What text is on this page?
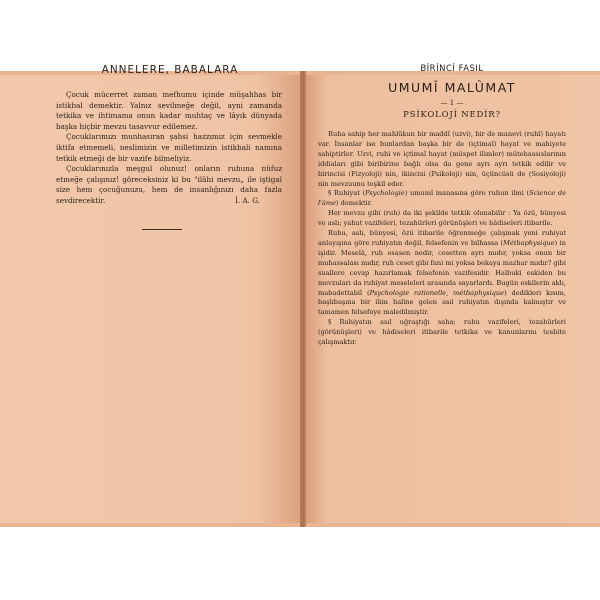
ANNELERE, BABALARA

Çocuk mücerret zaman mefhumu içinde müşahhas bir istikbal demektir. Yalnız sevilmeğe değil, ayni zamanda tetkika ve ihtimama onun kadar muhtaç ve lâyık dünyada başka hiçbir mevzu tasavvur edilemez.

Çocuklarımızı munhasıran şahsi hazzımız için sevmekle iktifa etmemeli, neslimizin ve milletimizin istikbali namına tetkik etmeği de bir vazife bilmeliyiz.

Çocuklarınızla meşgul olunuz! onların ruhuna nüfuz etmeğe çalışınız! göreceksiniz ki bu "ilâhi mevzu„ ile iştigal size hem çocuğunuzu, hem de insanlığınızı daha fazla sevdirecektir.	İ. A. G.
BİRİNCİ FASIL
UMUMÎ MALÛMAT
— 1 —
PSİKOLOJİ NEDİR?

Ruha sahip her mahlûkun bir maddî (uzvi), bir de manevi (ruhî) hayatı var. İnsanlar ise bunlardan başka bir de (içtimaî) hayat ve mahiyete sahiptirler. Uzvi, ruhi ve içtimaî hayat (müspet ilimler) mütehassıslarının iddiaları gibi biribirine bağlı olsa da gene ayrı ayrı tetkik edilir ve birincisi (Fizyoloji) nin, ikincisi (Psikoloji) nin, üçüncüsü de (Sosiyoloji) nin mevzuunu teşkil eder.

§ Ruhiyat (Psychologie) umumî manasına göre ruhun ilmi (Science de l'âme) demektir.

Her mevzu gibi (ruh) da iki şekilde tetkik olunabilir : Ya özü, bünyesi ve aslı; yahut vazifeleri, tezahürleri görünüşleri ve hâdiseleri itibarile.

Ruhu, aslı, bünyesi, özü itibarile öğrenmeğe çalışmak yeni ruhiyat anlayışına göre ruhiyatın değil, felsefenin ve bilhassa (Métbaphysique) in işidir. Meselâ, ruh esasen nedir, cesetten ayrı mıdır, yoksa onun bir muhassalası mıdır, ruh ceset gibi fani mi yoksa bekaya mazhar mıdır? gibi suallere cevap hazırlamak felsefenin vazifesidir. Halbuki eskiden bu mevzuları da ruhiyat meseleleri arasında sayarlardı. Bugün eskilerin aklı, mabadettabiî (Psychologie rationelle, métbaphysique) dedikleri kısım, başlıbaşına bir ilim haline gelen asıl ruhiyatın dışında kalmıştır ve tamamen felsefeye maledilmiştir.

§ Ruhiyatın asıl uğraştığı saha; ruhu vazifeleri, tezahürleri (görünüşleri) ve hâdiseleri itibarile tetkika ve kanunlarını tesbite çalışmaktır.
